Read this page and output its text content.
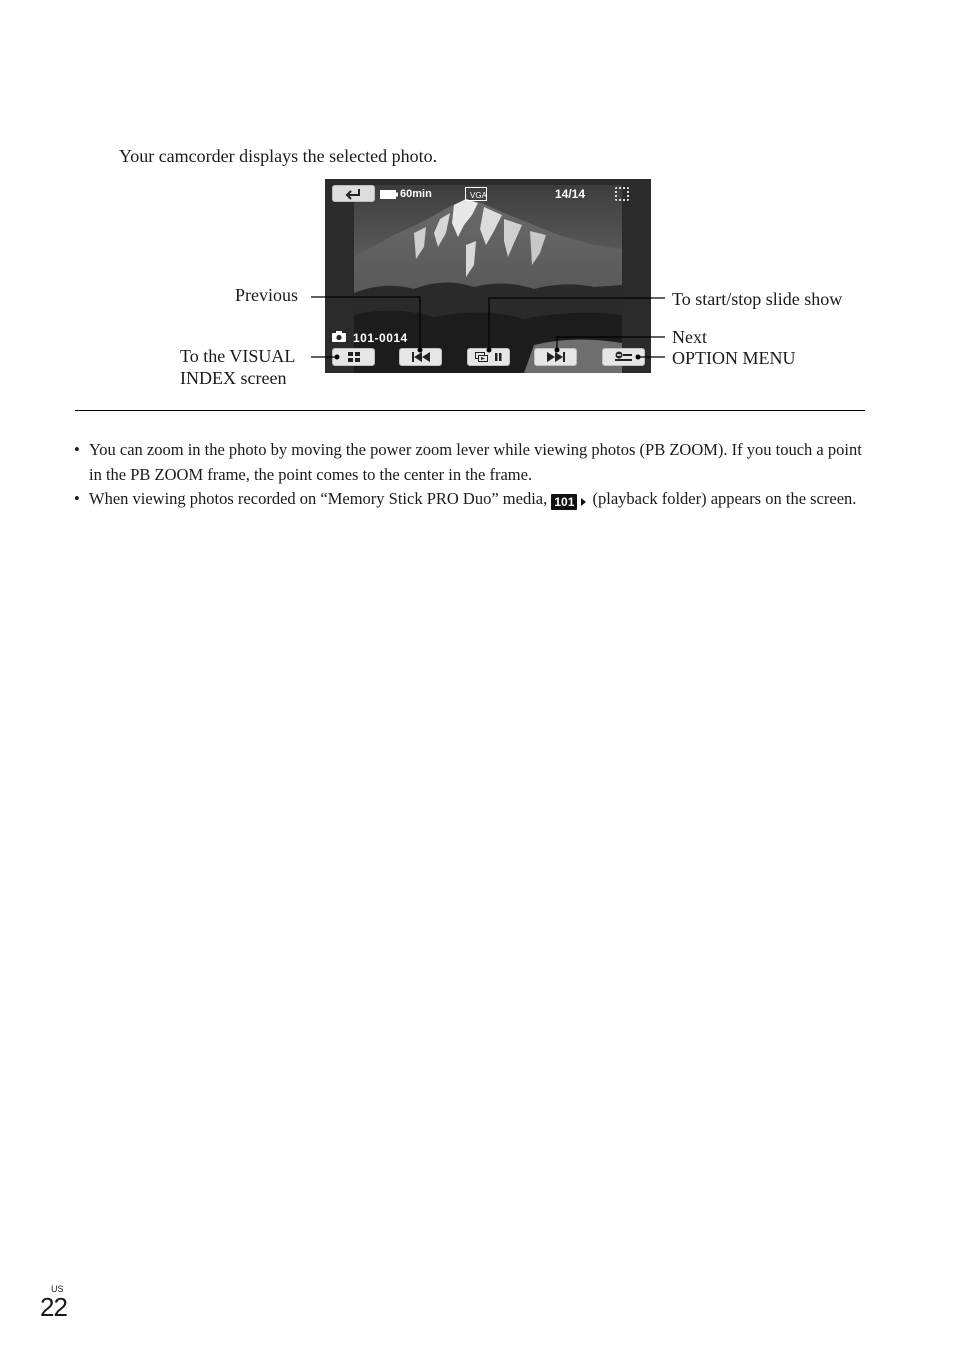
Your camcorder displays the selected photo.
60min	VGA	14/14
101-0014
Previous
To the VISUAL
INDEX screen
To start/stop slide show
Next
OPTION MENU
• You can zoom in the photo by moving the power zoom lever while viewing photos (PB ZOOM). If you touch a point in the PB ZOOM frame, the point comes to the center in the frame.
• When viewing photos recorded on “Memory Stick PRO Duo” media, 101 (playback folder) appears on the screen.
US
22
